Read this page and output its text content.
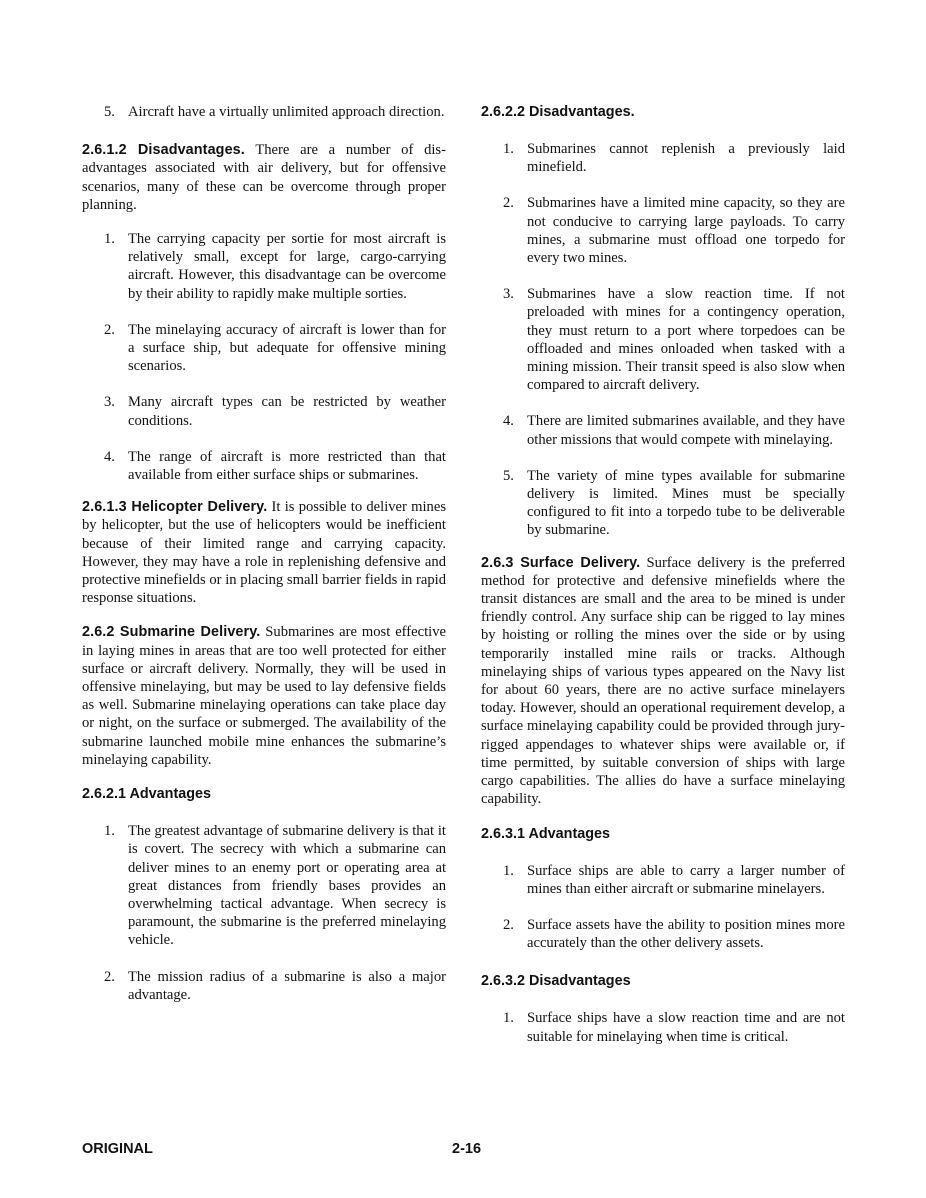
5. Aircraft have a virtually unlimited approach direction.

2.6.1.2 Disadvantages. There are a number of disadvantages associated with air delivery, but for offensive scenarios, many of these can be overcome through proper planning.

1. The carrying capacity per sortie for most aircraft is relatively small, except for large, cargo-carrying aircraft. However, this disadvantage can be overcome by their ability to rapidly make multiple sorties.
2. The minelaying accuracy of aircraft is lower than for a surface ship, but adequate for offensive mining scenarios.
3. Many aircraft types can be restricted by weather conditions.
4. The range of aircraft is more restricted than that available from either surface ships or submarines.

2.6.1.3 Helicopter Delivery. It is possible to deliver mines by helicopter, but the use of helicopters would be inefficient because of their limited range and carrying capacity. However, they may have a role in replenishing defensive and protective minefields or in placing small barrier fields in rapid response situations.

2.6.2 Submarine Delivery. Submarines are most effective in laying mines in areas that are too well protected for either surface or aircraft delivery. Normally, they will be used in offensive minelaying, but may be used to lay defensive fields as well. Submarine minelaying operations can take place day or night, on the surface or submerged. The availability of the submarine launched mobile mine enhances the submarine’s minelaying capability.

2.6.2.1 Advantages
1. The greatest advantage of submarine delivery is that it is covert. The secrecy with which a submarine can deliver mines to an enemy port or operating area at great distances from friendly bases provides an overwhelming tactical advantage. When secrecy is paramount, the submarine is the preferred minelaying vehicle.
2. The mission radius of a submarine is also a major advantage.
2.6.2.2 Disadvantages.
1. Submarines cannot replenish a previously laid minefield.
2. Submarines have a limited mine capacity, so they are not conducive to carrying large payloads. To carry mines, a submarine must offload one torpedo for every two mines.
3. Submarines have a slow reaction time. If not preloaded with mines for a contingency operation, they must return to a port where torpedoes can be offloaded and mines onloaded when tasked with a mining mission. Their transit speed is also slow when compared to aircraft delivery.
4. There are limited submarines available, and they have other missions that would compete with minelaying.
5. The variety of mine types available for submarine delivery is limited. Mines must be specially configured to fit into a torpedo tube to be deliverable by submarine.

2.6.3 Surface Delivery. Surface delivery is the preferred method for protective and defensive minefields where the transit distances are small and the area to be mined is under friendly control. Any surface ship can be rigged to lay mines by hoisting or rolling the mines over the side or by using temporarily installed mine rails or tracks. Although minelaying ships of various types appeared on the Navy list for about 60 years, there are no active surface minelayers today. However, should an operational requirement develop, a surface minelaying capability could be provided through jury-rigged appendages to whatever ships were available or, if time permitted, by suitable conversion of ships with large cargo capabilities. The allies do have a surface minelaying capability.

2.6.3.1 Advantages
1. Surface ships are able to carry a larger number of mines than either aircraft or submarine minelayers.
2. Surface assets have the ability to position mines more accurately than the other delivery assets.
2.6.3.2 Disadvantages
1. Surface ships have a slow reaction time and are not suitable for minelaying when time is critical.
ORIGINAL	2-16
